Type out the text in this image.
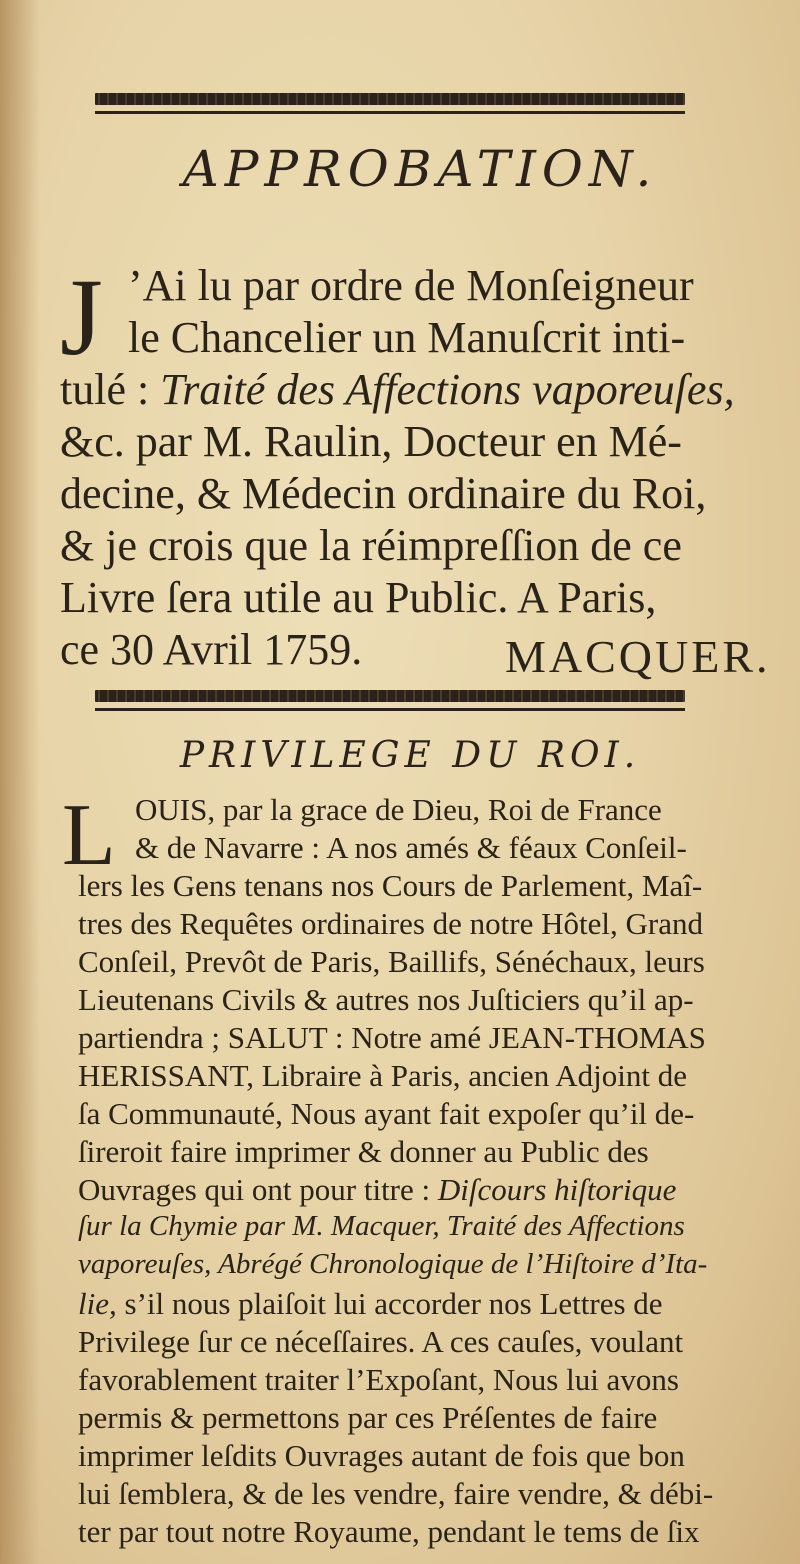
APPROBATION.
J ’Ai lu par ordre de Monſeigneur
le Chancelier un Manuſcrit inti-
tulé : Traité des Affections vaporeuſes,
&c. par M. Raulin, Docteur en Mé-
decine, & Médecin ordinaire du Roi,
& je crois que la réimpreſſion de ce
Livre ſera utile au Public. A Paris,
ce 30 Avril 1759.	MACQUER.
PRIVILEGE DU ROI.
L OUIS, par la grace de Dieu, Roi de France
& de Navarre : A nos amés & féaux Conſeil-
lers les Gens tenans nos Cours de Parlement, Maî-
tres des Requêtes ordinaires de notre Hôtel, Grand
Conſeil, Prevôt de Paris, Baillifs, Sénéchaux, leurs
Lieutenans Civils & autres nos Juſticiers qu’il ap-
partiendra ; SALUT : Notre amé JEAN-THOMAS
HERISSANT, Libraire à Paris, ancien Adjoint de
ſa Communauté, Nous ayant fait expoſer qu’il de-
ſireroit faire imprimer & donner au Public des
Ouvrages qui ont pour titre : Diſcours hiſtorique
ſur la Chymie par M. Macquer, Traité des Affections
vaporeuſes, Abrégé Chronologique de l’Hiſtoire d’Ita-
lie, s’il nous plaiſoit lui accorder nos Lettres de
Privilege ſur ce néceſſaires. A ces cauſes, voulant
favorablement traiter l’Expoſant, Nous lui avons
permis & permettons par ces Préſentes de faire
imprimer leſdits Ouvrages autant de fois que bon
lui ſemblera, & de les vendre, faire vendre, & débi-
ter par tout notre Royaume, pendant le tems de ſix
